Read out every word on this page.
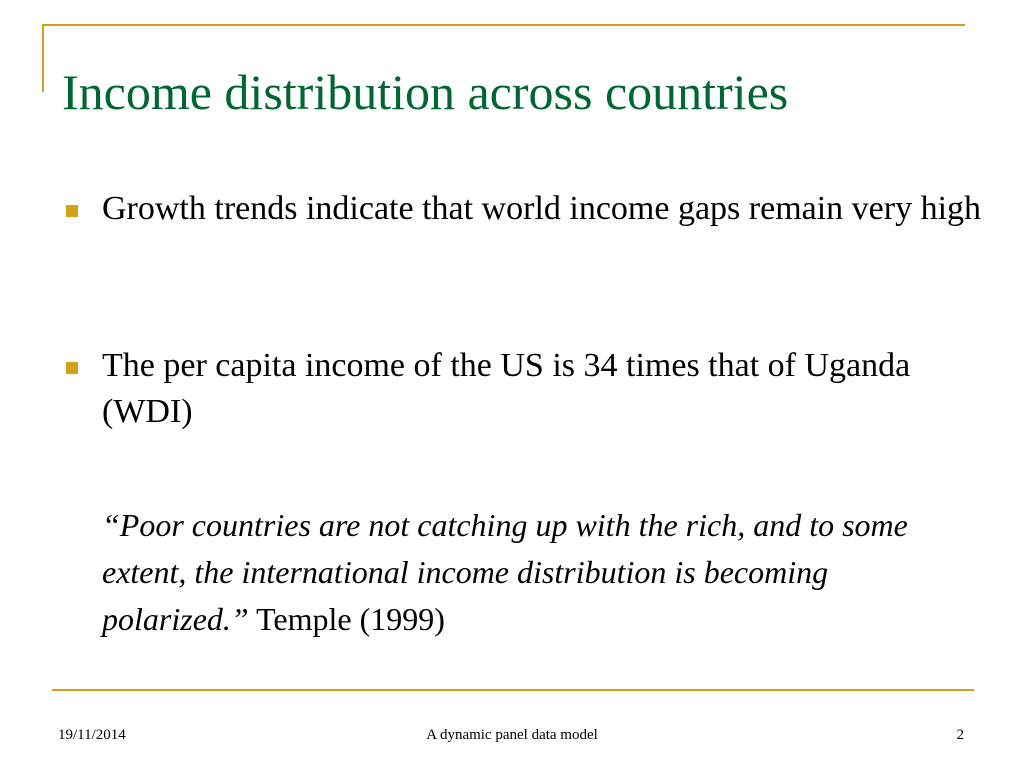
Income distribution across countries

Growth trends indicate that world income gaps remain very high

The per capita income of the US is 34 times that of Uganda (WDI)

“Poor countries are not catching up with the rich, and to some extent, the international income distribution is becoming polarized.” Temple (1999)

19/11/2014	A dynamic panel data model	2
